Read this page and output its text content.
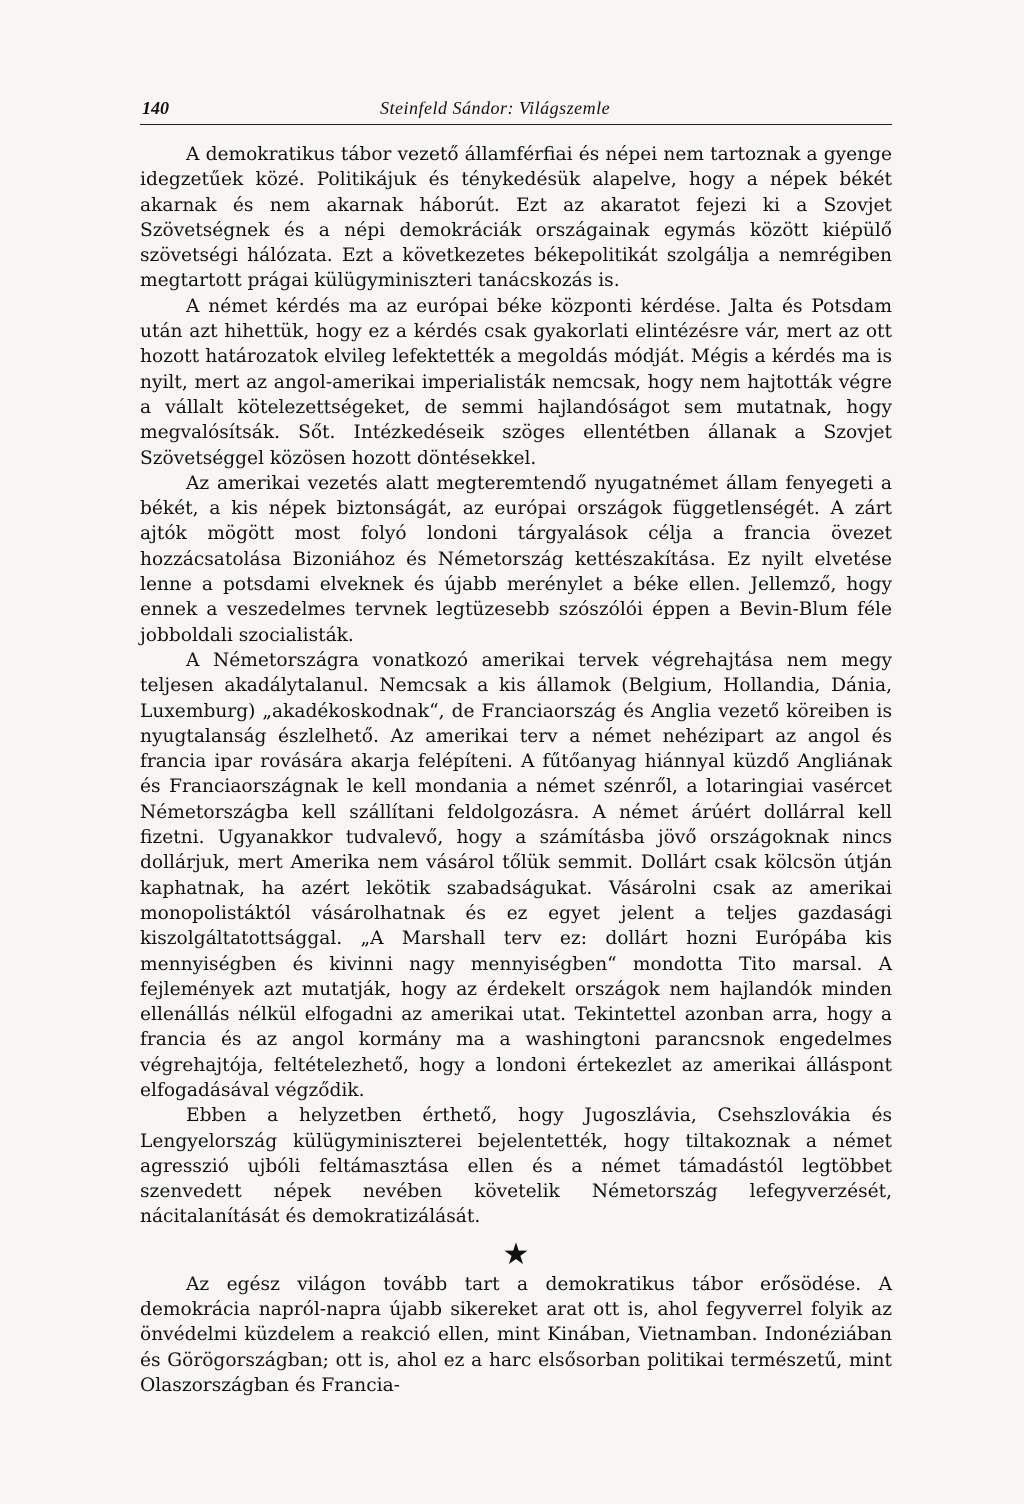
140	Steinfeld Sándor: Világszemle

A demokratikus tábor vezető államférfiai és népei nem tartoznak a gyenge idegzetűek közé. Politikájuk és ténykedésük alapelve, hogy a népek békét akarnak és nem akarnak háborút. Ezt az akaratot fejezi ki a Szovjet Szövetségnek és a népi demokráciák országainak egymás között kiépülő szövetségi hálózata. Ezt a következetes békepolitikát szolgálja a nemrégiben megtartott prágai külügyminiszteri tanácskozás is.

A német kérdés ma az európai béke központi kérdése. Jalta és Potsdam után azt hihettük, hogy ez a kérdés csak gyakorlati elintézésre vár, mert az ott hozott határozatok elvileg lefektették a megoldás módját. Mégis a kérdés ma is nyilt, mert az angol-amerikai imperialisták nemcsak, hogy nem hajtották végre a vállalt kötelezettségeket, de semmi hajlandóságot sem mutatnak, hogy megvalósítsák. Sőt. Intézkedéseik szöges ellentétben állanak a Szovjet Szövetséggel közösen hozott döntésekkel.

Az amerikai vezetés alatt megteremtendő nyugatnémet állam fenyegeti a békét, a kis népek biztonságát, az európai országok függetlenségét. A zárt ajtók mögött most folyó londoni tárgyalások célja a francia övezet hozzácsatolása Bizoniához és Németország kettészakítása. Ez nyilt elvetése lenne a potsdami elveknek és újabb merénylet a béke ellen. Jellemző, hogy ennek a veszedelmes tervnek legtüzesebb szószólói éppen a Bevin-Blum féle jobboldali szocialisták.

A Németországra vonatkozó amerikai tervek végrehajtása nem megy teljesen akadálytalanul. Nemcsak a kis államok (Belgium, Hollandia, Dánia, Luxemburg) „akadékoskodnak“, de Franciaország és Anglia vezető köreiben is nyugtalanság észlelhető. Az amerikai terv a német nehézipart az angol és francia ipar rovására akarja felépíteni. A fűtőanyag hiánnyal küzdő Angliának és Franciaországnak le kell mondania a német szénről, a lotaringiai vasércet Németországba kell szállítani feldolgozásra. A német árúért dollárral kell fizetni. Ugyanakkor tudvalevő, hogy a számításba jövő országoknak nincs dollárjuk, mert Amerika nem vásárol tőlük semmit. Dollárt csak kölcsön útján kaphatnak, ha azért lekötik szabadságukat. Vásárolni csak az amerikai monopolistáktól vásárolhatnak és ez egyet jelent a teljes gazdasági kiszolgáltatottsággal. „A Marshall terv ez: dollárt hozni Európába kis mennyiségben és kivinni nagy mennyiségben“ mondotta Tito marsal. A fejlemények azt mutatják, hogy az érdekelt országok nem hajlandók minden ellenállás nélkül elfogadni az amerikai utat. Tekintettel azonban arra, hogy a francia és az angol kormány ma a washingtoni parancsnok engedelmes végrehajtója, feltételezhető, hogy a londoni értekezlet az amerikai álláspont elfogadásával végződik.

Ebben a helyzetben érthető, hogy Jugoszlávia, Csehszlovákia és Lengyelország külügyminiszterei bejelentették, hogy tiltakoznak a német agresszió ujbóli feltámasztása ellen és a német támadástól legtöbbet szenvedett népek nevében követelik Németország lefegyverzését, nácitalanítását és demokratizálását.

★

Az egész világon tovább tart a demokratikus tábor erősödése. A demokrácia napról-napra újabb sikereket arat ott is, ahol fegyverrel folyik az önvédelmi küzdelem a reakció ellen, mint Kinában, Vietnamban. Indonéziában és Görögországban; ott is, ahol ez a harc elsősorban politikai természetű, mint Olaszországban és Francia-
